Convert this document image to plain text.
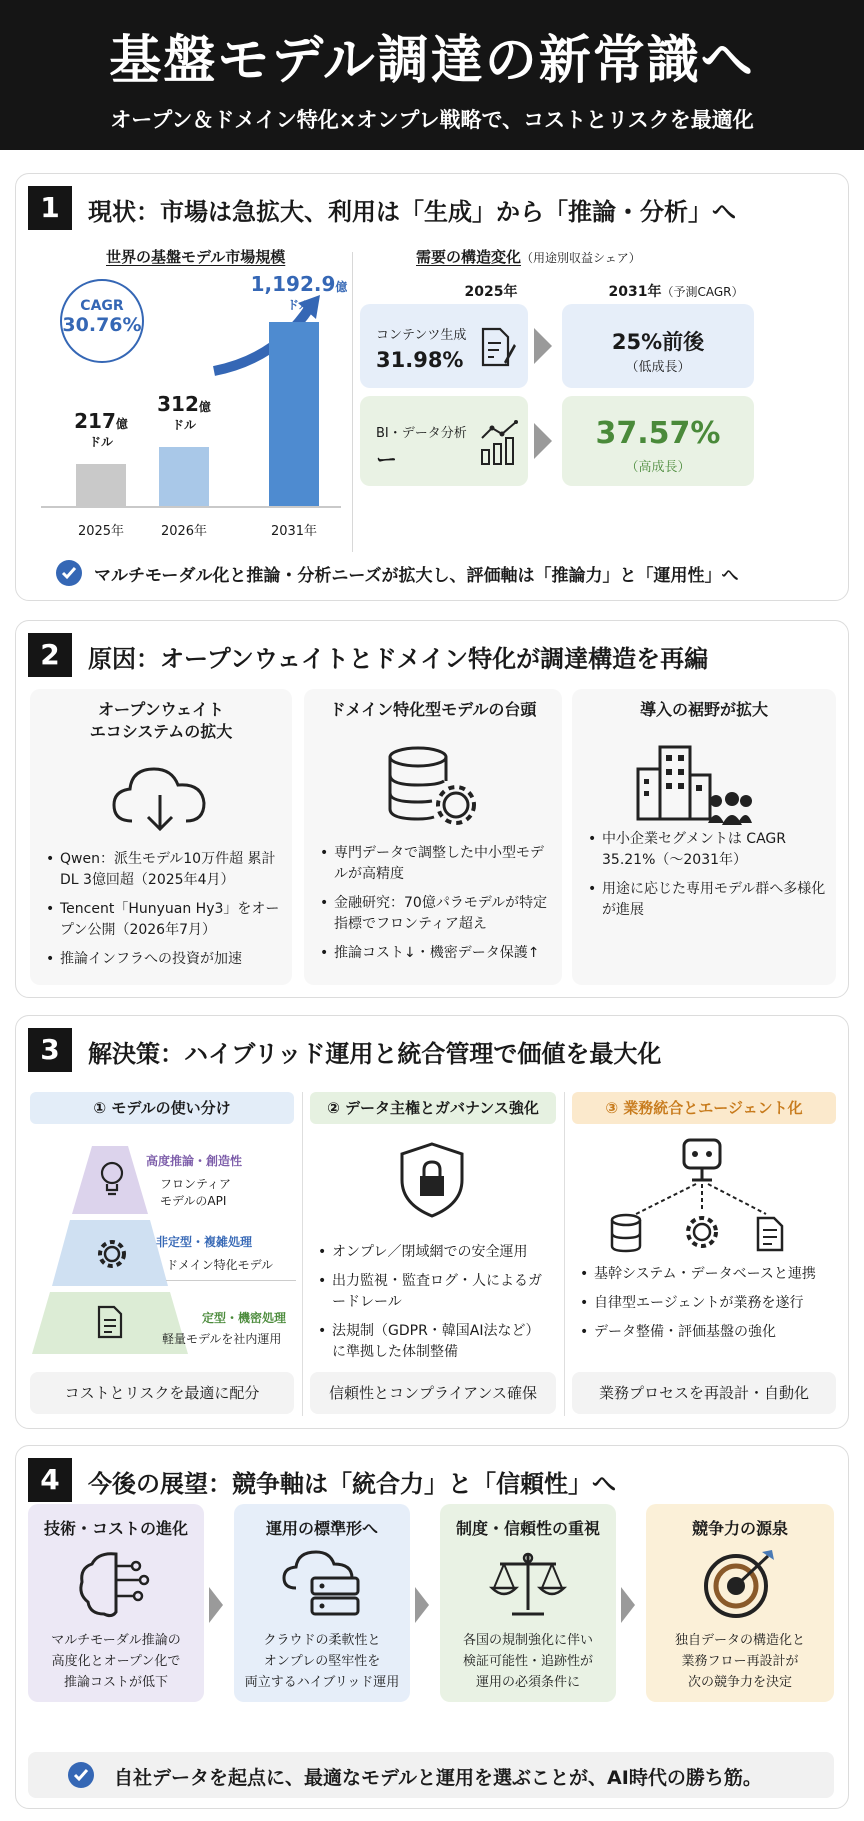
基盤モデル調達の新常識へ
オープン＆ドメイン特化×オンプレ戦略で、コストとリスクを最適化
1	現状：市場は急拡大、利用は「生成」から「推論・分析」へ
世界の基盤モデル市場規模
CAGR
30.76%
217億
ドル
312億
ドル
1,192.9億
ドル
2025年	2026年	2031年
需要の構造変化（用途別収益シェア）
2025年	2031年（予測CAGR）
コンテンツ生成
31.98%
25%前後
（低成長）
BI・データ分析
ー
37.57%
（高成長）
マルチモーダル化と推論・分析ニーズが拡大し、評価軸は「推論力」と「運用性」へ
2	原因：オープンウェイトとドメイン特化が調達構造を再編
オープンウェイト
エコシステムの拡大
• Qwen：派生モデル10万件超 累計DL 3億回超（2025年4月）
• Tencent「Hunyuan Hy3」をオープン公開（2026年7月）
• 推論インフラへの投資が加速
ドメイン特化型モデルの台頭
• 専門データで調整した中小型モデルが高精度
• 金融研究：70億パラモデルが特定指標でフロンティア超え
• 推論コスト↓・機密データ保護↑
導入の裾野が拡大
• 中小企業セグメントは CAGR 35.21%（～2031年）
• 用途に応じた専用モデル群へ多様化が進展
3	解決策：ハイブリッド運用と統合管理で価値を最大化
① モデルの使い分け
高度推論・創造性
フロンティア
モデルのAPI
非定型・複雑処理
ドメイン特化モデル
定型・機密処理
軽量モデルを社内運用
コストとリスクを最適に配分
② データ主権とガバナンス強化
• オンプレ／閉域網での安全運用
• 出力監視・監査ログ・人によるガードレール
• 法規制（GDPR・韓国AI法など）に準拠した体制整備
信頼性とコンプライアンス確保
③ 業務統合とエージェント化
• 基幹システム・データベースと連携
• 自律型エージェントが業務を遂行
• データ整備・評価基盤の強化
業務プロセスを再設計・自動化
4	今後の展望：競争軸は「統合力」と「信頼性」へ
技術・コストの進化
マルチモーダル推論の
高度化とオープン化で
推論コストが低下
運用の標準形へ
クラウドの柔軟性と
オンプレの堅牢性を
両立するハイブリッド運用
制度・信頼性の重視
各国の規制強化に伴い
検証可能性・追跡性が
運用の必須条件に
競争力の源泉
独自データの構造化と
業務フロー再設計が
次の競争力を決定
自社データを起点に、最適なモデルと運用を選ぶことが、AI時代の勝ち筋。
